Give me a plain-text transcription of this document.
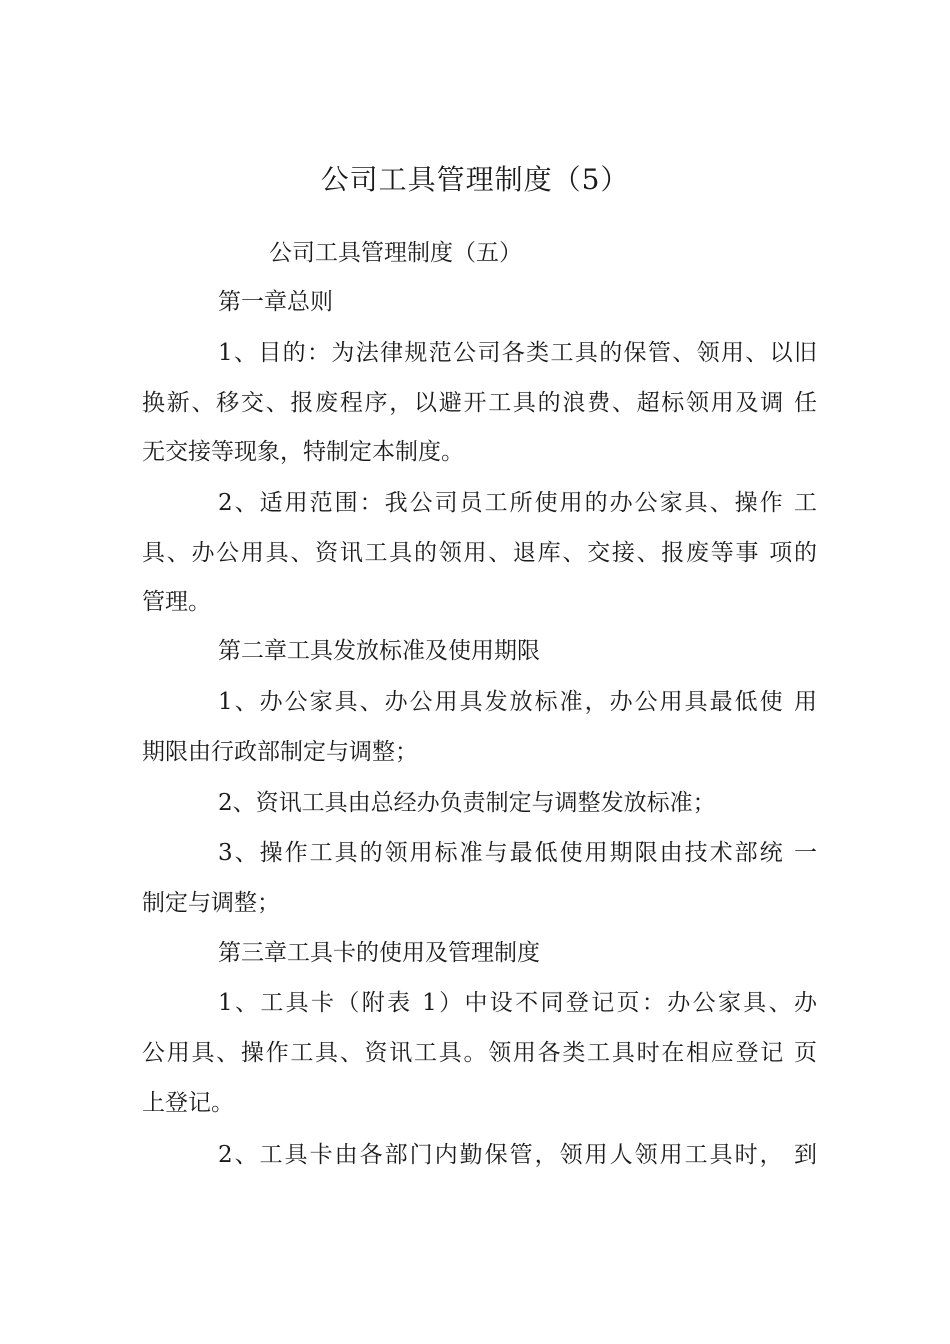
公司工具管理制度（5）

公司工具管理制度（五）

第一章总则

1、目的：为法律规范公司各类工具的保管、领用、以旧

换新、移交、报废程序，以避开工具的浪费、超标领用及调 任

无交接等现象，特制定本制度。

2、适用范围：我公司员工所使用的办公家具、操作 工

具、办公用具、资讯工具的领用、退库、交接、报废等事 项的

管理。

第二章工具发放标准及使用期限

1、办公家具、办公用具发放标准，办公用具最低使 用

期限由行政部制定与调整；

2、资讯工具由总经办负责制定与调整发放标准；

3、操作工具的领用标准与最低使用期限由技术部统 一

制定与调整；

第三章工具卡的使用及管理制度

1、工具卡（附表 1）中设不同登记页：办公家具、办

公用具、操作工具、资讯工具。领用各类工具时在相应登记 页

上登记。

2、工具卡由各部门内勤保管，领用人领用工具时， 到
